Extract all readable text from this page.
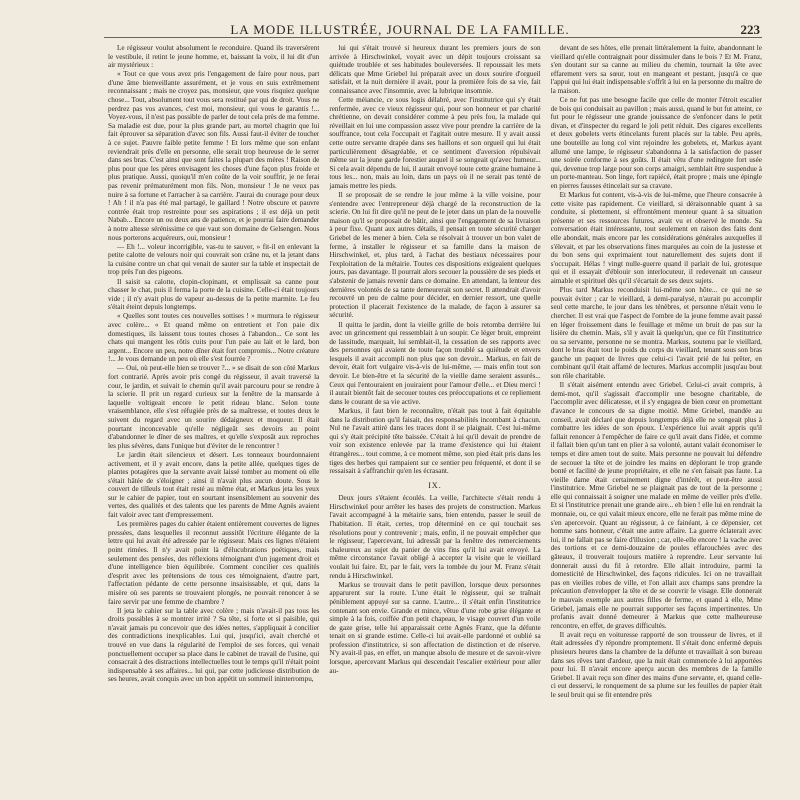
LA MODE ILLUSTRÉE, JOURNAL DE LA FAMILLE.	223

Le régisseur voulut absolument le reconduire. Quand ils traversèrent le vestibule, il retint le jeune homme, et, baissant la voix, il lui dit d'un air mystérieux :

« Tout ce que vous avez pris l'engagement de faire pour nous, part d'une âme bienveillante assurément, et je vous en suis extrêmement reconnaissant ; mais ne croyez pas, monsieur, que vous risquiez quelque chose... Tout, absolument tout vous sera restitué par qui de droit. Vous ne perdrez pas vos avances, c'est moi, monsieur, qui vous le garantis !... Voyez-vous, il n'est pas possible de parler de tout cela près de ma femme. Sa maladie est due, pour la plus grande part, au mortel chagrin que lui fait éprouver sa séparation d'avec son fils. Aussi faut-il éviter de toucher à ce sujet. Pauvre faible petite femme ! Et lors même que son enfant reviendrait près d'elle en personne, elle serait trop heureuse de le serrer dans ses bras. C'est ainsi que sont faites la plupart des mères ! Raison de plus pour que les pères envisagent les choses d'une façon plus froide et plus pratique. Aussi, quoiqu'il m'en coûte de la voir souffrir, je ne ferai pas revenir prématurément mon fils. Non, monsieur ! Je ne veux pas nuire à sa fortune et l'arracher à sa carrière. J'aurai du courage pour deux ! Ah ! il n'a pas été mal partagé, le gaillard ! Notre obscure et pauvre contrée était trop restreinte pour ses aspirations ; il est déjà un petit Nabab... Encore un ou deux ans de patience, et je pourrai faire demander à notre altesse sérénissime ce que vaut son domaine de Gelsengen. Nous nous porterons acquéreurs, oui, monsieur !

— Eh !... voleur incorrigible, vas-tu te sauver, » fit-il en enlevant la petite calotte de velours noir qui couvrait son crâne nu, et la jetant dans la cuisine contre un chat qui venait de sauter sur la table et inspectait de trop près l'un des pigeons.

Il saisit sa calotte, clopin-clopinant, et emplissait sa canne pour chasser le chat, puis il ferma la porte de la cuisine. Celle-ci était toujours vide ; il n'y avait plus de vapeur au-dessus de la petite marmite. Le feu s'était éteint depuis longtemps.

« Quelles sont toutes ces nouvelles sottises ! » murmura le régisseur avec colère... « Et quand même on entretient et l'on paie dix domestiques, ils laissent tous toutes choses à l'abandon... Ce sont les chats qui mangent les rôtis cuits pour l'un paie au lait et le lard, bon argent... Encore un peu, notre dîner était fort compromis... Notre créature !... Je vous demande un peu où elle s'est fourrée ?

— Oui, où peut-elle bien se trouver ?... » se disait de son côté Markus fort contrarié. Après avoir pris congé du régisseur, il avait traversé la cour, le jardin, et suivait le chemin qu'il avait parcouru pour se rendre à la scierie. Il prit un regard curieux sur la fenêtre de la mansarde à laquelle voltigeait encore le petit rideau blanc. Selon toute vraisemblance, elle s'est réfugiée près de sa maîtresse, et toutes deux le suivent du regard avec un sourire dédaigneux et moqueur. Il était pourtant inconcevable qu'elle négligeât ses devoirs au point d'abandonner le dîner de ses maîtres, et qu'elle s'exposât aux reproches les plus sévères, dans l'unique but d'éviter de le rencontrer !

Le jardin était silencieux et désert. Les tonneaux bourdonnaient activement, et il y avait encore, dans la petite allée, quelques tiges de plantes potagères que la servante avait laissé tomber au moment où elle s'était hâtée de s'éloigner ; ainsi il n'avait plus aucun doute. Sous le couvert de tilleuls tout était resté au même état, et Markus jeta les yeux sur le cahier de papier, tout en sourtant insensiblement au souvenir des vertes, des qualités et des talents que les parents de Mme Agnès avaient fait valoir avec tant d'empressement.

Les premières pages du cahier étaient entièrement couvertes de lignes pressées, dans lesquelles il reconnut aussitôt l'écriture élégante de la lettre qui lui avait été adressée par le régisseur. Mais ces lignes n'étaient point rimées. Il n'y avait point là d'élucubrations poétiques, mais seulement des pensées, des réflexions témoignant d'un jugement droit et d'une intelligence bien équilibrée. Comment concilier ces qualités d'esprit avec les prétensions de tous ces témoignaient, d'autre part, l'affectation pédante de cette personne insaisissable, et qui, dans la misère où ses parents se trouvaient plongés, ne pouvait renoncer à se faire servir par une femme de chambre ?

Il jeta le cahier sur la table avec colère ; mais n'avait-il pas tous les droits possibles à se montrer irrité ? Sa tête, si forte et si paisible, qui n'avait jamais pu concevoir que des idées nettes, s'appliquait à concilier des contradictions inexplicables. Lui qui, jusqu'ici, avait cherché et trouvé en vue dans la régularité de l'emploi de ses forces, qui venait ponctuellement occuper sa place dans le cabinet de travail de l'usine, qui consacrait à des distractions intellectuelles tout le temps qu'il n'était point indispensable à ses affaires... lui qui, par cette judicieuse distribution de ses heures, avait conquis avec un bon appétit un sommeil ininterrompu,

lui qui s'était trouvé si heureux durant les premiers jours de son arrivée à Hirschwinkel, voyait avec un dépit toujours croissant sa quiétude troublée et ses habitudes bouleversées. Il repoussait les mets délicats que Mme Griebel lui préparait avec un doux sourire d'orgueil satisfait, et la nuit dernière il avait, pour la première fois de sa vie, fait connaissance avec l'insomnie, avec la lubrique insomnie.

Cette méiancie, ce sous logis délabré, avec l'institutrice qui s'y était renfermée, avec ce vieux régisseur qui, pour son honneur et par charité chrétienne, on devait considérer comme à peu près fou, la malade qui réveillait en lui une compassion assez vive pour prendre la carrière de la souffrance, tout cela l'occupait et l'agitait outre mesure. Il y avait aussi cette outre servante drapée dans ses haillons et son orgueil qui lui était particulièrement désagréable, et ce sentiment d'aversion répulsivait même sur la jeune garde forestier auquel il se songeait qu'avec humeur... Si cela avait dépendu de lui, il aurait envoyé toute cette graine humaine à tous les... non, mais au loin, dans un pays où il ne serait pas tenté de jamais mettre les pieds.

Il se proposait de se rendre le jour même à la ville voisine, pour s'entendre avec l'entrepreneur déjà chargé de la reconstruction de la scierie. On lui fit dire qu'il ne peut de le jeter dans un plan de la nouvelle maison qu'il se proposait de bâtir, ainsi que l'engagement de sa livraison à peur fixe. Quant aux autres détails, il pensait en toute sécurité charger Griebel de les mener à bien. Cela se résolvait à trouver un bon valet de ferme, à installer le régisseur et sa famille dans la maison de Hirschwinkel, et, plus tard, à l'achat des bestiaux nécessaires pour l'exploitation de la métairie. Toutes ces dispositions exigeaient quelques jours, pas davantage. Il pourrait alors secouer la poussière de ses pieds et s'abstenir de jamais revenir dans ce domaine. En attendant, la lenteur des dernières volontés de sa tante demeurerait son secret. Il attendrait d'avoir recouvré un peu de calme pour décider, en dernier ressort, une quelle protection il placerait l'existence de la malade, de façon à assurer sa sécurité.

Il quitta le jardin, dont la vieille grille de bois retomba derrière lui avec un grincement qui ressemblait à un soupir. Ce léger bruit, empreint de lassitude, marquait, lui semblait-il, la cessation de ses rapports avec des personnes qui avaient de toute façon troublé sa quiétude et envers lesquels il avait accompli non plus que son devoir... Markus, en fait de devoir, était fort vulgaire vis-à-vis de lui-même, — mais enfin tout son devoir. Le bien-être et la sécurité de la vieille dame seraient assurés... Ceux qui l'entouraient en jouiraient pour l'amour d'elle... et Dieu merci ! il aurait bientôt fait de secouer toutes ces préoccupations et ce repliement dans le courant de sa vie active.

Markus, il faut bien le reconnaître, n'était pas tout à fait équitable dans la distribution qu'il faisait, des responsabilités incombant à chacun. Nul ne l'avait attiré dans les traces dont il se plaignait. C'est lui-même qui s'y était précipité tête baissée. C'était à lui qu'il devait de prendre de voir son existence enlevée par la trame d'existence qui lui étaient étrangères... tout comme, à ce moment même, son pied était pris dans les tiges des herbes qui rampaient sur ce sentier peu fréquenté, et dont il se ressaisait à s'affranchir qu'en les écrasant.

IX.

Deux jours s'étaient écoulés. La veille, l'architecte s'était rendu à Hirschwinkel pour arrêter les bases des projets de construction. Markus l'avait accompagné à la métairie sans, bien entendu, passer le seuil de l'habitation. Il était, certes, trop déterminé en ce qui touchait ses résolutions pour y contrevenir ; mais, enfin, il ne pouvait empêcher que le régisseur, l'apercevant, lui adressât par la fenêtre des remerciements chaleureux au sujet du panier de vins fins qu'il lui avait envoyé. La même circonstance l'avait obligé à accepter la visite que le vieillard voulait lui faire. Et, par le fait, vers la tombée du jour M. Franz s'était rendu à Hirschwinkel.

Markus se trouvait dans le petit pavillon, lorsque deux personnes apparurent sur la route. L'une était le régisseur, qui se traînait péniblement appuyé sur sa canne. L'autre... il s'était enfin l'institutrice contenant son envie. Grande et mince, vêtue d'une robe grise élégante et simple à la fois, coiffée d'un petit chapeau, le visage couvert d'un voile de gaze grise, telle lui apparaissait cette Agnès Franz, que la défunte tenait en si grande estime. Celle-ci lui avait-elle pardonné et oublié sa profession d'institutrice, si son affectation de distinction et de réserve. N'y avait-il pas, en effet, un manque absolu de mesure et de savoir-vivre lorsque, apercevant Markus qui descendait l'escalier extérieur pour aller au-

devant de ses hôtes, elle prenait littéralement la fuite, abandonnant le vieillard qu'elle contraignait pour dissimuler dans le bois ? Et M. Franz, s'en doutant sur sa canne au milieu du chemin, tournait la tête avec effarement vers sa sœur, tout en mangeant et pestant, jusqu'à ce que l'appui qui lui était indispensable s'offrît à lui en la personne du maître de la maison.

Ce ne fut pas une besogne facile que celle de monter l'étroit escalier de bois qui conduisait au pavillon ; mais aussi, quand le but fut atteint, ce fut pour le régisseur une grande jouissance de s'enfoncer dans le petit divan, et d'inspecter du regard le joli petit réduit. Des cigares excellents et deux gobelets verts étincelants furent placés sur la table. Peu après, une bouteille au long col vint rejoindre les gobelets, et, Markus ayant allumé une lampe, le régisseur s'abandonna à la satisfaction de passer une soirée conforme à ses goûts. Il était vêtu d'une redingote fort usée qui, devenue trop large pour son corps amaigri, semblait être suspendue à un porte-manteau. Son linge, fort rapiécé, était propre ; mais une épingle en pierres fausses étincelait sur sa cravate.

Et Markus fut content, vis-à-vis de lui-même, que l'heure consacrée à cette visite pas rapidement. Ce vieillard, si déraisonnable quant à sa conduite, si plettement, si effrontément menteur quant à sa situation présente et ses ressources futures, avait vu et observé le monde. Sa conversation était intéressante, tout seulement en raison des faits dont elle abondait, mais encore par les considérations générales auxquelles il s'élevait, et par les observations fines marquées au coin de la justesse et du bon sens qui exprimaient tout naturellement des sujets dont il s'occupait. Hélas ! vingt nulle-guerre quand il parlait de lui, grotesque qui et il essayait d'éblouir son interlocuteur, il redevenait un causeur aimable et spirituel dès qu'il s'écartait de ses deux sujets.

Plus tard Markus reconduisit lui-même son hôte... ce qui ne se pouvait éviter ; car le vieillard, à demi-paralysé, n'aurait pu accomplir seul cette marche, le jour dans les ténèbres, et personne n'était venu le chercher. Il est vrai que l'aspect de l'ombre de la jeune femme avait passé en léger froissement dans le feuillage et même un bruit de pas sur la lisière du chemin. Mais, s'il y avait là quelqu'un, que ce fût l'institutrice ou sa servante, personne ne se montra. Markus, soutenu par le vieillard, dont le bras était tout le poids du corps du vieillard, tenant sous son bras gauche un paquet de livres que celui-ci l'avait prié de lui prêter, en combinant qu'il était affamé de lectures. Markus accomplit jusqu'au bout son rôle charitable.

Il s'était aisément entendu avec Griebel. Celui-ci avait compris, à demi-mot, qu'il s'agissait d'accomplir une besogne charitable, de l'accomplir avec délicatesse, et il s'y engagea de bien cœur en promettant d'avance le concours de sa digne moitié. Mme Griebel, mandée au conseil, avait déclaré que depuis longtemps déjà elle ne songeait plus à combattre les idées de son époux. L'expérience lui avait appris qu'il fallait renoncer à l'empêcher de faire ce qu'il avait dans l'idée, et comme il fallait bien qu'un tant en plier à sa volonté, autant valait économiser le temps et dire amen tout de suite. Mais personne ne pouvait lui défendre de secouer la tête et de joindre les mains en déplorant le trop grande bonté et facilité de jeune propriétaire, et elle ne s'en faisait pas faute. La vieille dame était certainement digne d'intérêt, et peut-être aussi l'institutrice. Mme Griebel ne se plaignait pas de tout de la personne ; elle qui connaissait à soigner une malade en même de veiller près d'elle. Et si l'institutrice prenait une grande aire... eh bien ! elle lui en rendrait la monnaie, ou, ce qui valait mieux encore, elle ne ferait pas même mine de s'en apercevoir. Quant au régisseur, à ce fainéant, à ce dépensier, cet homme sans honneur, c'était une autre affaire. La guerre éclaterait avec lui, il ne fallait pas se faire d'illusion ; car, elle-elle encore ! la vache avec des tortions et ce demi-douzaine de poules effarouchées avec des gâteaux, il trouverait toujours matière à reprendre. Leur servante lui donnerait aussi du fil à retordre. Elle allait introduire, parmi la domesticité de Hirschwinkel, des façons ridicules. Ici on ne travaillait pas en vieilles robes de ville, et l'on allait aux champs sans prendre la précaution d'envelopper la tête et de se couvrir le visage. Elle donnerait le mauvais exemple aux autres filles de ferme, et quand à elle, Mme Griebel, jamais elle ne pourrait supporter ses façons impertinentes. Un profanis avait donné demeurer à Markus que cette malheureuse rencontre, en effet, de graves difficultés.

Il avait reçu en voituresse rapporté de son trousseur de livres, et il était adressées d'y répondre promptement. Il s'était donc enfermé depuis plusieurs heures dans la chambre de la défunte et travaillait à son bureau dans ses rêves tant d'ardeur, que la nuit était commencée à lui apportées pour lui. Il n'avait encore aperçu aucun des membres de la famille Griebel. Il avait reçu son dîner des mains d'une servante, et, quand celle-ci eut desservi, le ronquement de sa plume sur les feuilles de papier était le seul bruit qui se fit entendre près
